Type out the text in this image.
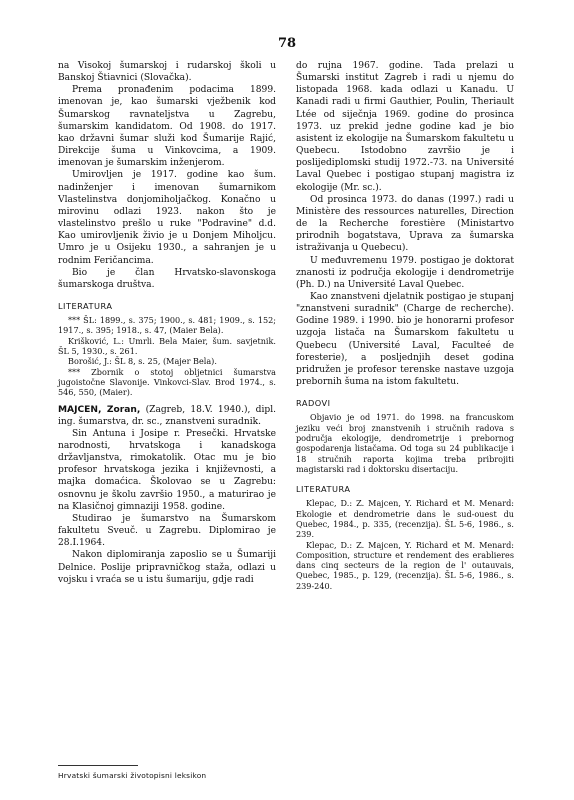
78

na Visokoj šumarskoj i rudarskoj školi u Banskoj Štiavnici (Slovačka).

Prema pronađenim podacima 1899. imenovan je, kao šumarski vježbenik kod Šumarskog ravnateljstva u Zagrebu, šumarskim kandidatom. Od 1908. do 1917. kao državni šumar služi kod Šumarije Rajić, Direkcije šuma u Vinkovcima, a 1909. imenovan je šumarskim inženjerom.

Umirovljen je 1917. godine kao šum. nadinženjer i imenovan šumarnikom Vlastelinstva donjomiholjačkog. Konačno u mirovinu odlazi 1923. nakon što je vlastelinstvo prešlo u ruke "Podravine" d.d. Kao umirovljenik živio je u Donjem Miholjcu. Umro je u Osijeku 1930., a sahranjen je u rodnim Feričancima.

Bio je član Hrvatsko-slavonskoga šumarskoga društva.

LITERATURA

*** ŠL: 1899., s. 375; 1900., s. 481; 1909., s. 152; 1917., s. 395; 1918., s. 47, (Maier Bela).

Krišković, L.: Umrli. Bela Maier, šum. savjetnik. ŠL 5, 1930., s. 261.

Borošić, J.: ŠL 8, s. 25, (Majer Bela).

*** Zbornik o stotoj obljetnici šumarstva jugoistočne Slavonije. Vinkovci-Slav. Brod 1974., s. 546, 550, (Maier).

MAJCEN, Zoran, (Zagreb, 18.V. 1940.), dipl. ing. šumarstva, dr. sc., znanstveni suradnik.

Sin Antuna i Josipe r. Presečki. Hrvatske narodnosti, hrvatskoga i kanadskoga državljanstva, rimokatolik. Otac mu je bio profesor hrvatskoga jezika i književnosti, a majka domaćica. Školovao se u Zagrebu: osnovnu je školu završio 1950., a maturirao je na Klasičnoj gimnaziji 1958. godine.

Studirao je šumarstvo na Šumarskom fakultetu Sveuč. u Zagrebu. Diplomirao je 28.I.1964.

Nakon diplomiranja zaposlio se u Šumariji Delnice. Poslije pripravničkog staža, odlazi u vojsku i vraća se u istu šumariju, gdje radi

do rujna 1967. godine. Tada prelazi u Šumarski institut Zagreb i radi u njemu do listopada 1968. kada odlazi u Kanadu. U Kanadi radi u firmi Gauthier, Poulin, Theriault Ltée od siječnja 1969. godine do prosinca 1973. uz prekid jedne godine kad je bio asistent iz ekologije na Šumarskom fakultetu u Quebecu. Istodobno završio je i poslijediplomski studij 1972.-73. na Université Laval Quebec i postigao stupanj magistra iz ekologije (Mr. sc.).

Od prosinca 1973. do danas (1997.) radi u Ministère des ressources naturelles, Direction de la Recherche forestière (Ministartvo prirodnih bogatstava, Uprava za šumarska istraživanja u Quebecu).

U međuvremenu 1979. postigao je doktorat znanosti iz područja ekologije i dendrometrije (Ph. D.) na Université Laval Quebec.

Kao znanstveni djelatnik postigao je stupanj "znanstveni suradnik" (Charge de recherche). Godine 1989. i 1990. bio je honorarni profesor uzgoja listača na Šumarskom fakultetu u Quebecu (Université Laval, Faculteé de foresterie), a posljednjih deset godina pridružen je profesor terenske nastave uzgoja prebornih šuma na istom fakultetu.

RADOVI

Objavio je od 1971. do 1998. na francuskom jeziku veći broj znanstvenih i stručnih radova s područja ekologije, dendrometrije i prebornog gospodarenja listačama. Od toga su 24 publikacije i 18 stručnih raporta kojima treba pribrojiti magistarski rad i doktorsku disertaciju.

LITERATURA

Klepac, D.: Z. Majcen, Y. Richard et M. Menard: Ekologie et dendrometrie dans le sud-ouest du Quebec, 1984., p. 335, (recenzija). ŠL 5-6, 1986., s. 239.

Klepac, D.: Z. Majcen, Y. Richard et M. Menard: Composition, structure et rendement des erablieres dans cinq secteurs de la region de l' outauvais, Quebec, 1985., p. 129, (recenzija). ŠL 5-6, 1986., s. 239-240.

Hrvatski šumarski životopisni leksikon
